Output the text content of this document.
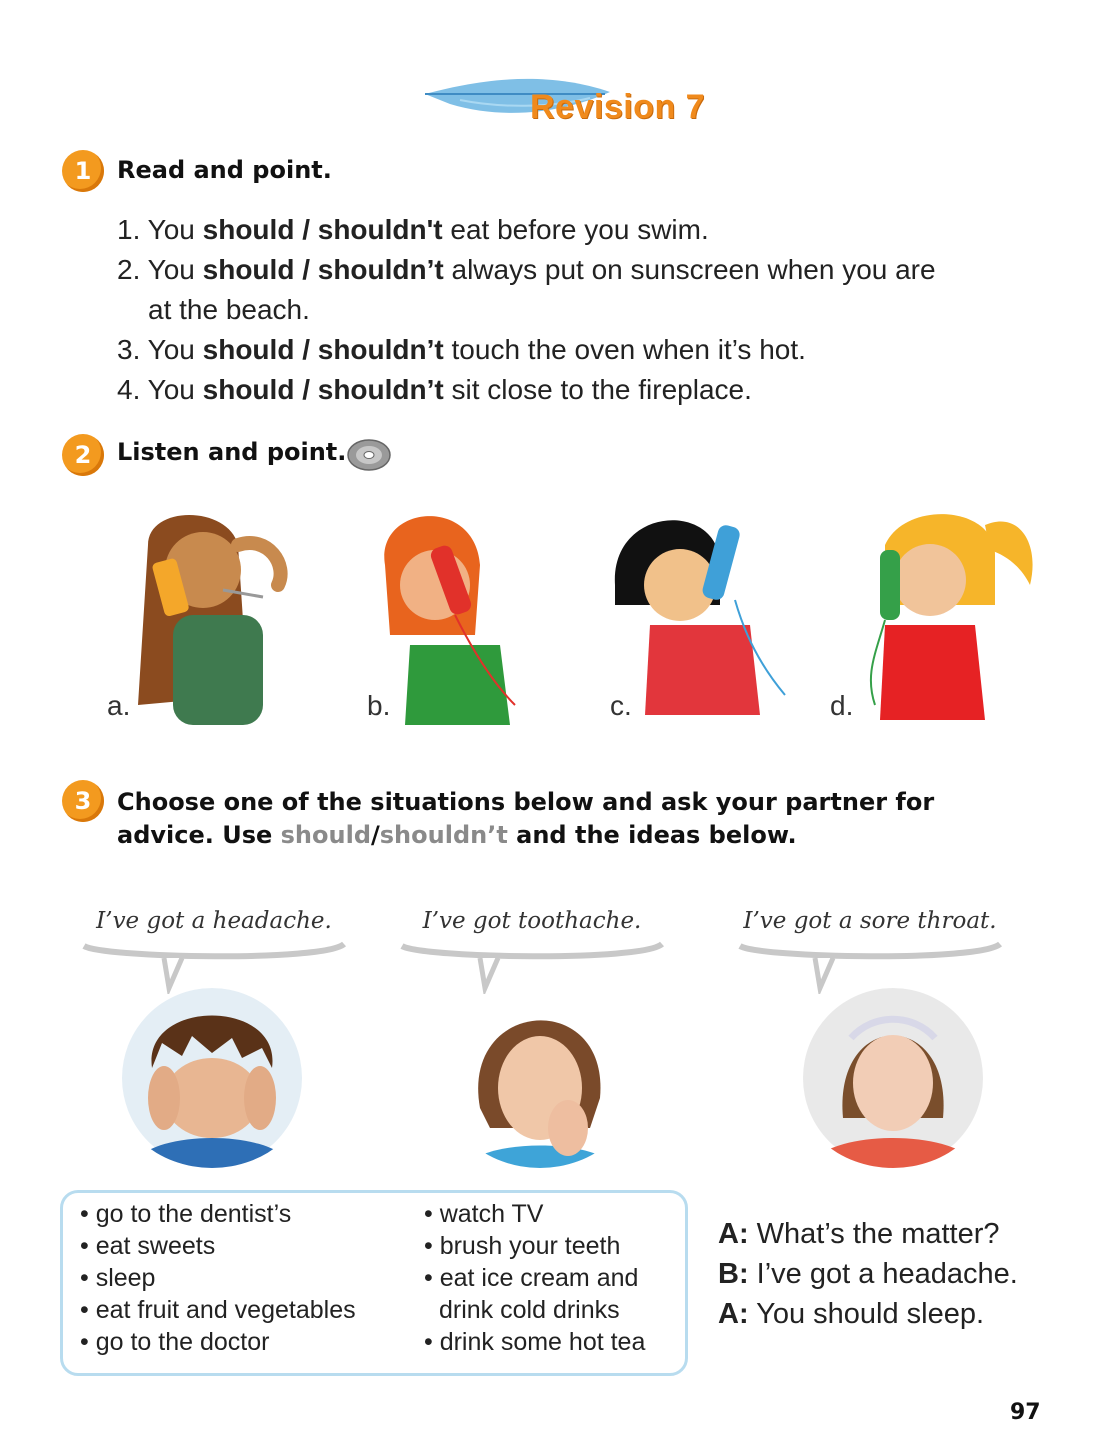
Revision 7
1	Read and point.
1. You should / shouldn't eat before you swim.
2. You should / shouldn’t always put on sunscreen when you are
at the beach.
3. You should / shouldn’t touch the oven when it’s hot.
4. You should / shouldn’t sit close to the fireplace.
2	Listen and point.
a.	b.	c.	d.
3	Choose one of the situations below and ask your partner for
advice. Use should/shouldn’t and the ideas below.
I’ve got a headache.	I’ve got toothache.	I’ve got a sore throat.
• go to the dentist’s
• eat sweets
• sleep
• eat fruit and vegetables
• go to the doctor
• watch TV
• brush your teeth
• eat ice cream and
drink cold drinks
• drink some hot tea
A: What’s the matter?
B: I’ve got a headache.
A: You should sleep.
97
